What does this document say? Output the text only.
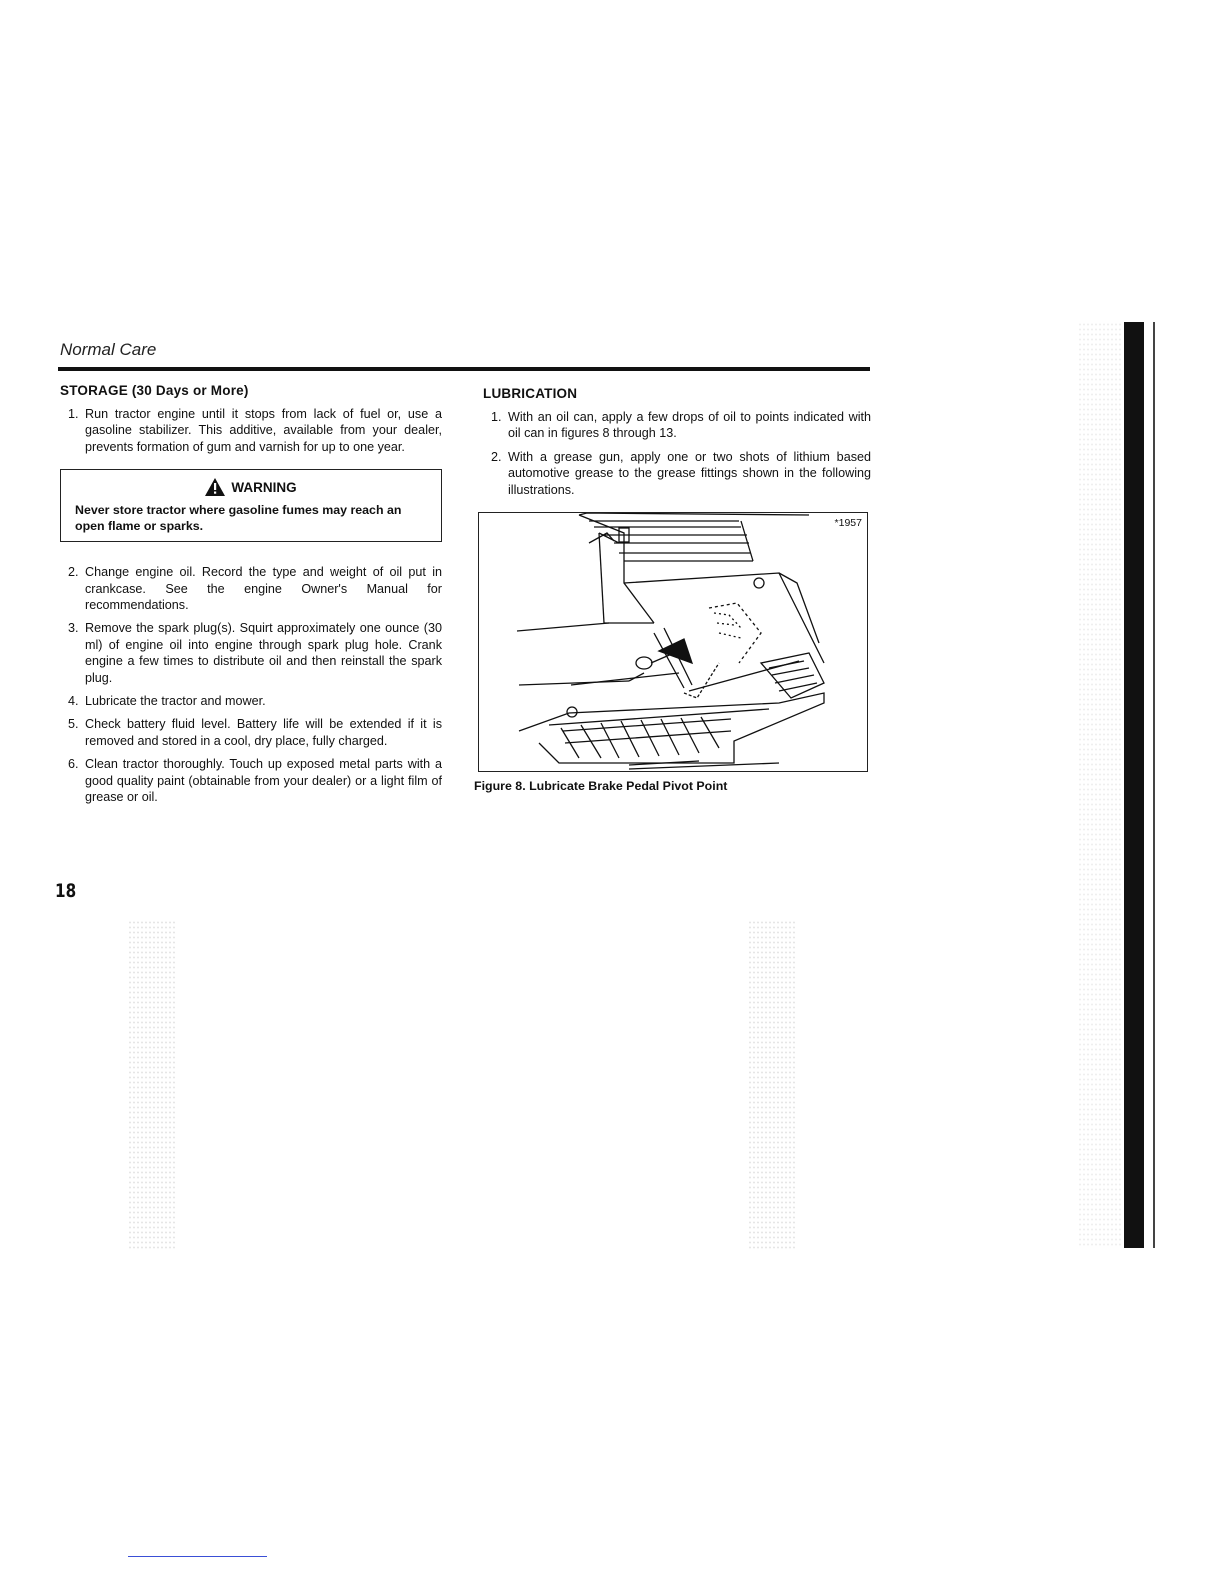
Normal Care
STORAGE (30 Days or More)
1. Run tractor engine until it stops from lack of fuel or, use a gasoline stabilizer. This additive, available from your dealer, prevents formation of gum and varnish for up to one year.
WARNING
Never store tractor where gasoline fumes may reach an open flame or sparks.
2. Change engine oil. Record the type and weight of oil put in crankcase. See the engine Owner's Manual for recommendations.
3. Remove the spark plug(s). Squirt approximately one ounce (30 ml) of engine oil into engine through spark plug hole. Crank engine a few times to distribute oil and then reinstall the spark plug.
4. Lubricate the tractor and mower.
5. Check battery fluid level. Battery life will be extended if it is removed and stored in a cool, dry place, fully charged.
6. Clean tractor thoroughly. Touch up exposed metal parts with a good quality paint (obtainable from your dealer) or a light film of grease or oil.
LUBRICATION
1. With an oil can, apply a few drops of oil to points indicated with oil can in figures 8 through 13.
2. With a grease gun, apply one or two shots of lithium based automotive grease to the grease fittings shown in the following illustrations.
*1957
Figure 8. Lubricate Brake Pedal Pivot Point
18
